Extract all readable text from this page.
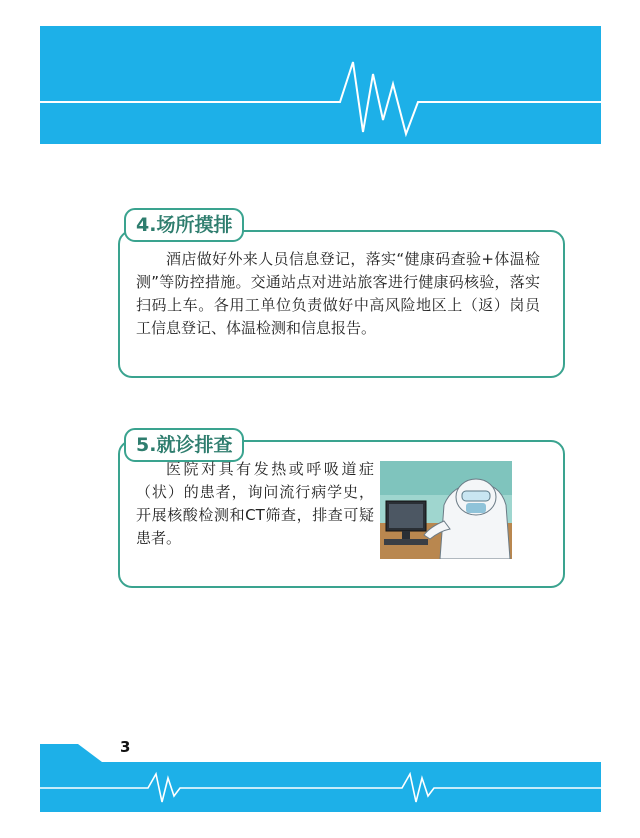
4.场所摸排

酒店做好外来人员信息登记，落实“健康码查验+体温检测”等防控措施。交通站点对进站旅客进行健康码核验，落实扫码上车。各用工单位负责做好中高风险地区上（返）岗员工信息登记、体温检测和信息报告。

5.就诊排查

医院对具有发热或呼吸道症（状）的患者，询问流行病学史，开展核酸检测和CT筛查，排查可疑患者。

3
